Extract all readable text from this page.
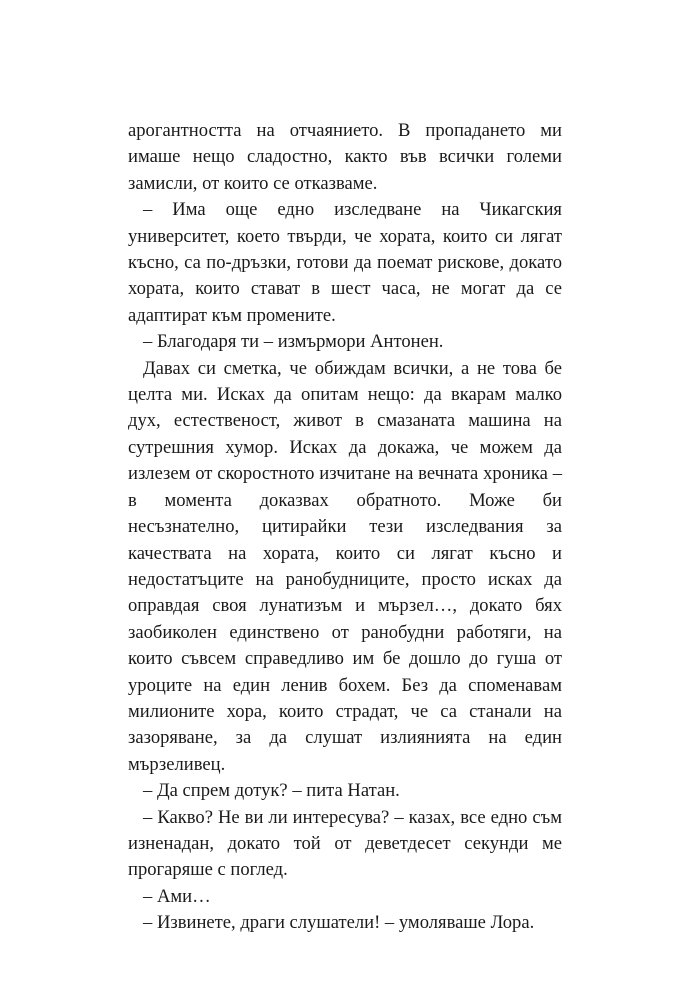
арогантността на отчаянието. В пропадането ми имаше нещо сладостно, както във всички големи замисли, от които се отказваме.

– Има още едно изследване на Чикагския университет, което твърди, че хората, които си лягат късно, са по-дръзки, готови да поемат рискове, докато хората, които стават в шест часа, не могат да се адаптират към промените.

– Благодаря ти – измърмори Антонен.

Давах си сметка, че обиждам всички, а не това бе целта ми. Исках да опитам нещо: да вкарам малко дух, естественост, живот в смазаната машина на сутрешния хумор. Исках да докажа, че можем да излезем от скоростното изчитане на вечната хроника – в момента доказвах обратното. Може би несъзнателно, цитирайки тези изследвания за качествата на хората, които си лягат късно и недостатъците на ранобудниците, просто исках да оправдая своя лунатизъм и мързел…, докато бях заобиколен единствено от ранобудни работяги, на които съвсем справедливо им бе дошло до гуша от уроците на един ленив бохем. Без да споменавам милионите хора, които страдат, че са станали на зазоряване, за да слушат излиянията на един мързеливец.

– Да спрем дотук? – пита Натан.

– Какво? Не ви ли интересува? – казах, все едно съм изненадан, докато той от деветдесет секунди ме прогаряше с поглед.

– Ами…

– Извинете, драги слушатели! – умоляваше Лора.
